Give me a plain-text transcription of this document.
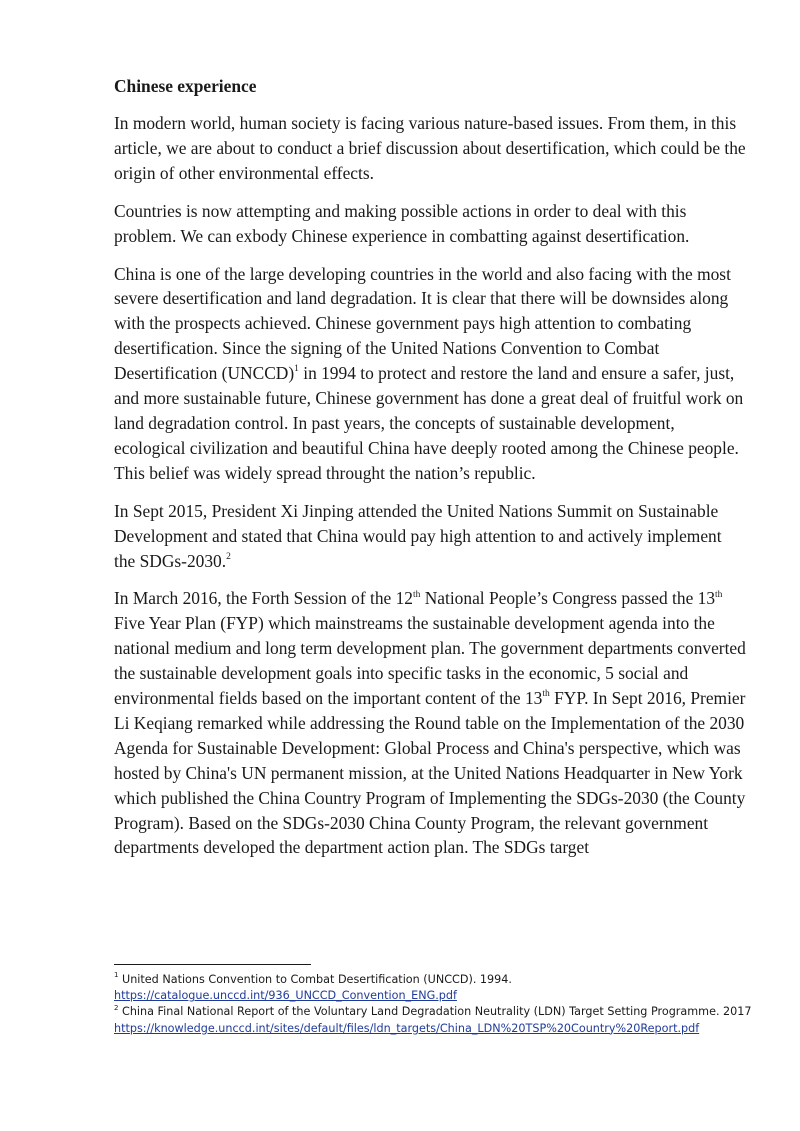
Chinese experience

In modern world, human society is facing various nature-based issues. From them, in this article, we are about to conduct a brief discussion about desertification, which could be the origin of other environmental effects.

Countries is now attempting and making possible actions in order to deal with this problem. We can exbody Chinese experience in combatting against desertification.

China is one of the large developing countries in the world and also facing with the most severe desertification and land degradation. It is clear that there will be downsides along with the prospects achieved. Chinese government pays high attention to combating desertification. Since the signing of the United Nations Convention to Combat Desertification (UNCCD)$^1$ in 1994 to protect and restore the land and ensure a safer, just, and more sustainable future, Chinese government has done a great deal of fruitful work on land degradation control. In past years, the concepts of sustainable development, ecological civilization and beautiful China have deeply rooted among the Chinese people. This belief was widely spread throught the nation’s republic.

In Sept 2015, President Xi Jinping attended the United Nations Summit on Sustainable Development and stated that China would pay high attention to and actively implement the SDGs-2030.$^2$

In March 2016, the Forth Session of the 12th National People’s Congress passed the 13th Five Year Plan (FYP) which mainstreams the sustainable development agenda into the national medium and long term development plan. The government departments converted the sustainable development goals into specific tasks in the economic, 5 social and environmental fields based on the important content of the 13th FYP. In Sept 2016, Premier Li Keqiang remarked while addressing the Round table on the Implementation of the 2030 Agenda for Sustainable Development: Global Process and China's perspective, which was hosted by China's UN permanent mission, at the United Nations Headquarter in New York which published the China Country Program of Implementing the SDGs-2030 (the County Program). Based on the SDGs-2030 China County Program, the relevant government departments developed the department action plan. The SDGs target

$^1$ United Nations Convention to Combat Desertification (UNCCD). 1994.
https://catalogue.unccd.int/936_UNCCD_Convention_ENG.pdf
$^2$ China Final National Report of the Voluntary Land Degradation Neutrality (LDN) Target Setting Programme. 2017
https://knowledge.unccd.int/sites/default/files/ldn_targets/China_LDN%20TSP%20Country%20Report.pdf
